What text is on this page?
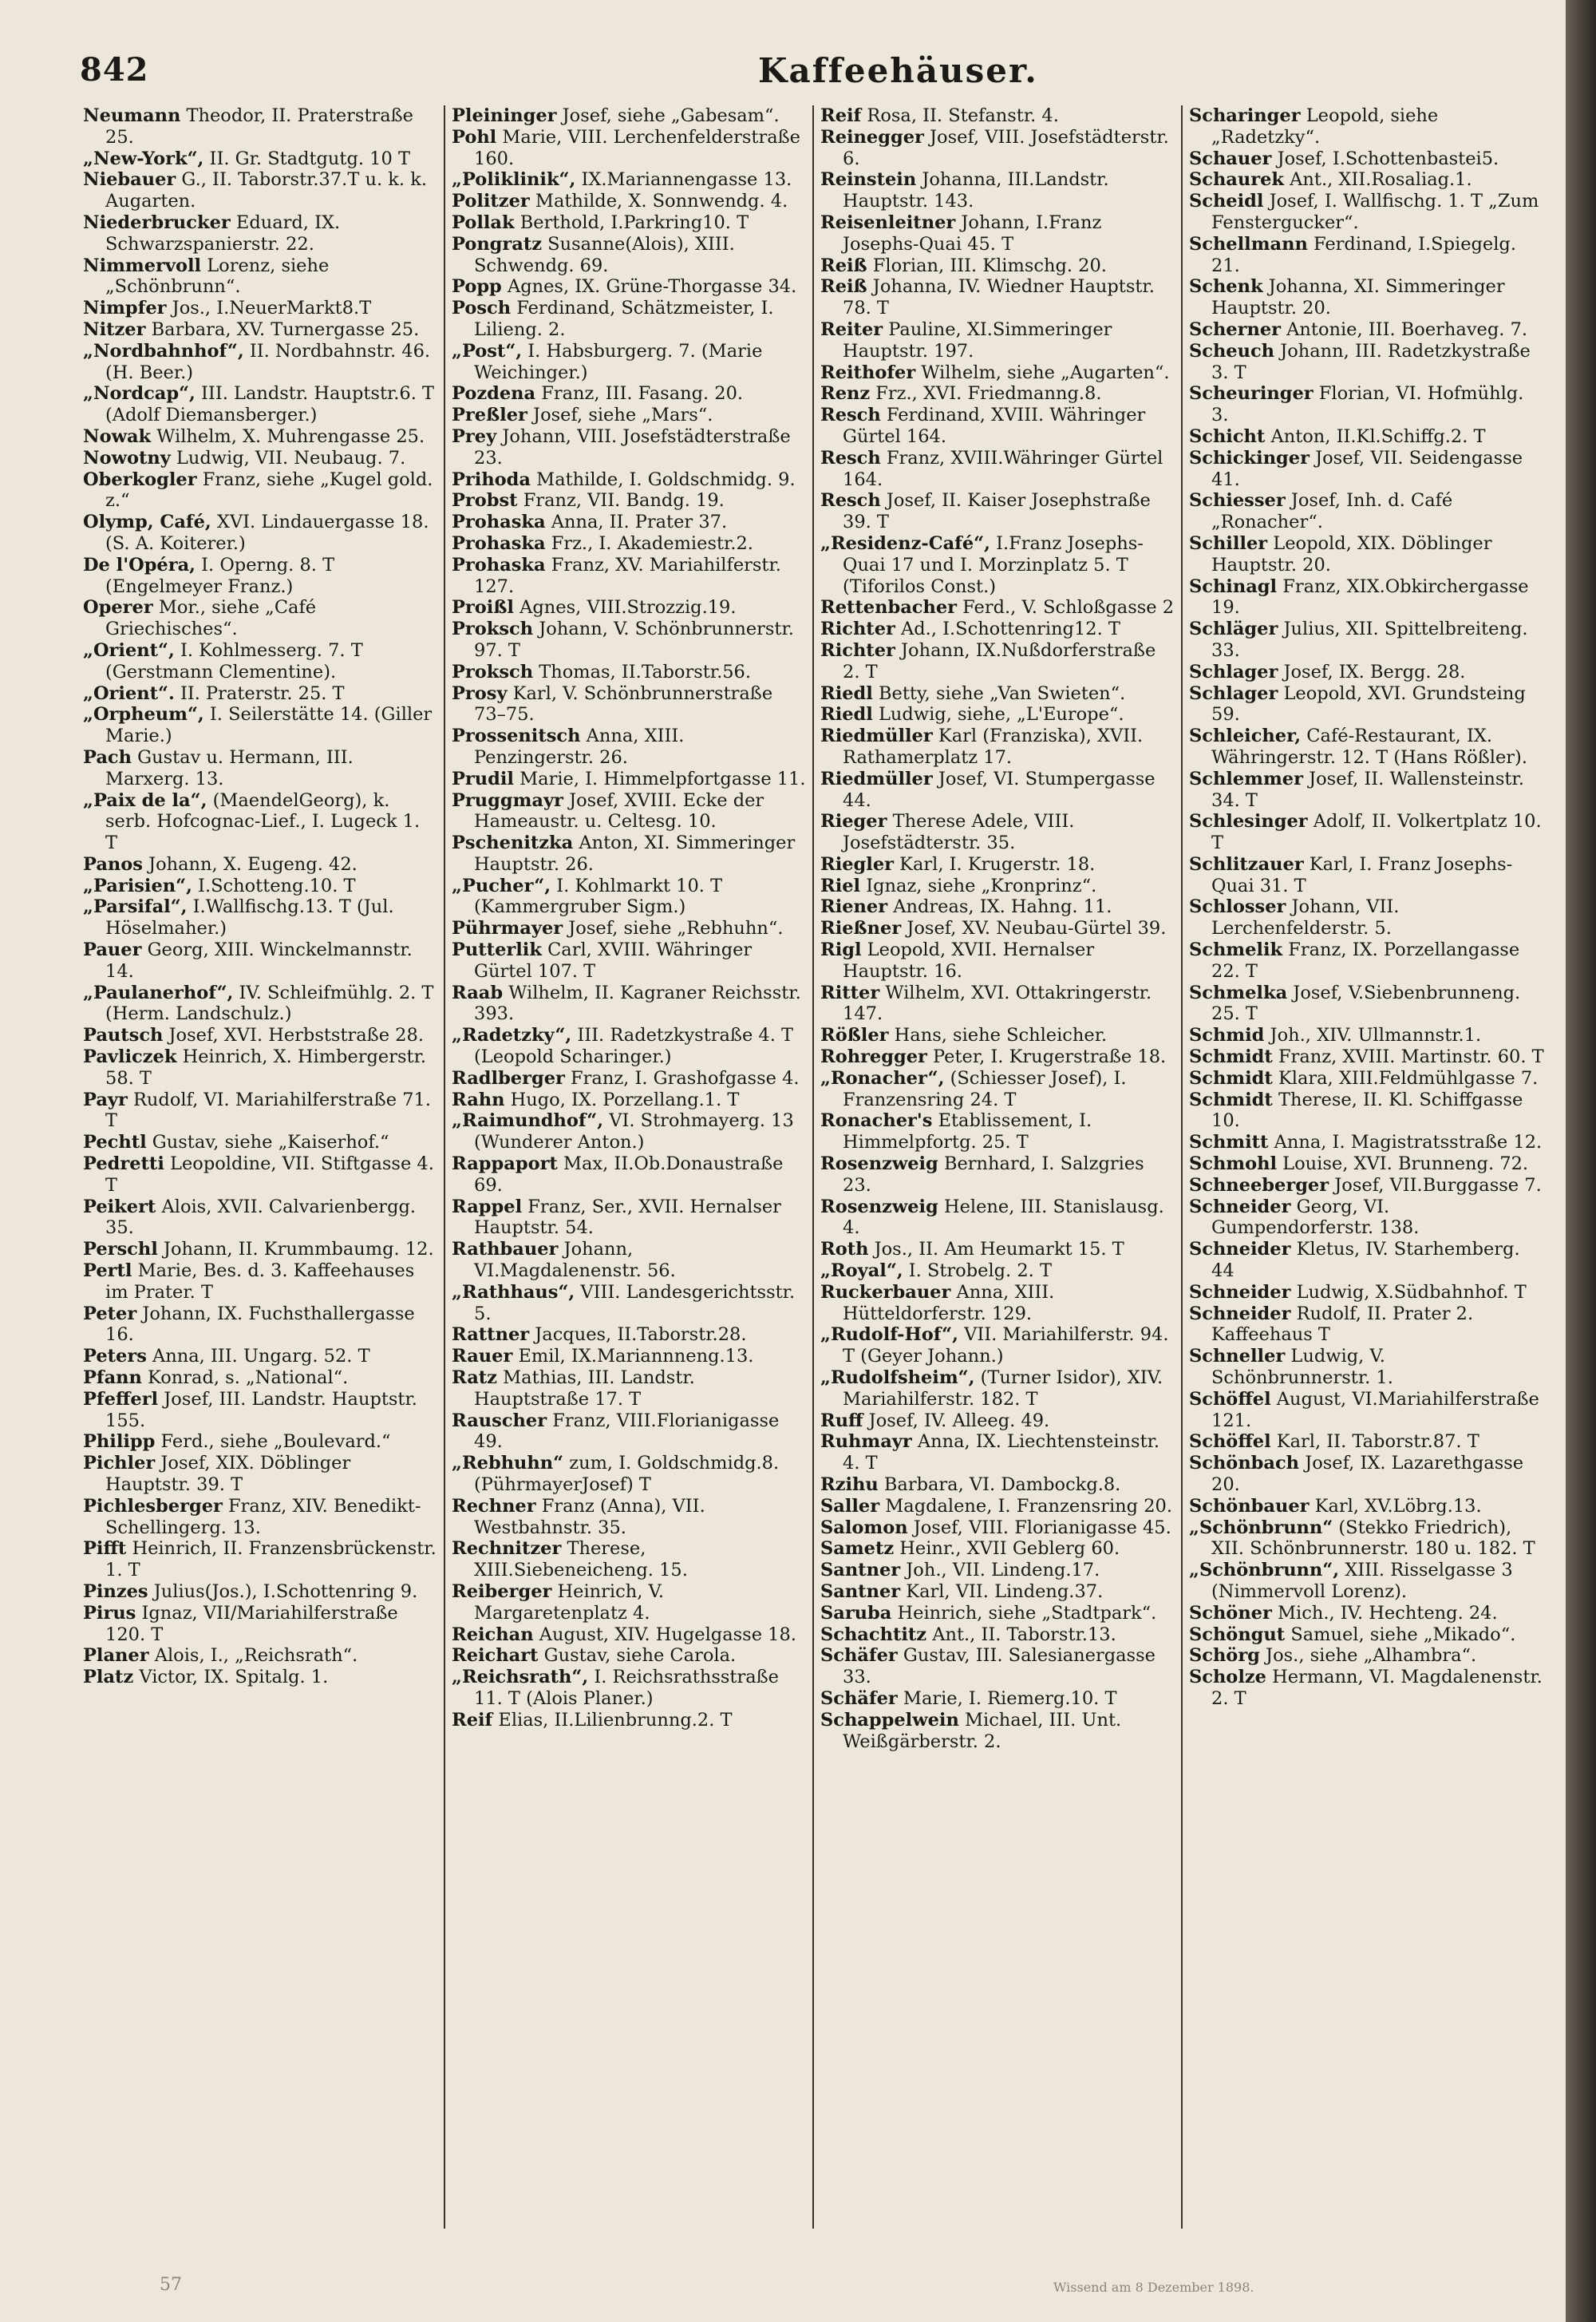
842	Kaffeehäuser.

Neumann Theodor, II. Praterstraße 25.

„New-York“, II. Gr. Stadtgutg. 10 T

Niebauer G., II. Taborstr.37.T u. k. k. Augarten.

Niederbrucker Eduard, IX. Schwarzspanierstr. 22.

Nimmervoll Lorenz, siehe „Schönbrunn“.

Nimpfer Jos., I.NeuerMarkt8.T

Nitzer Barbara, XV. Turnergasse 25.

„Nordbahnhof“, II. Nordbahnstr. 46. (H. Beer.)

„Nordcap“, III. Landstr. Hauptstr.6. T (Adolf Diemansberger.)

Nowak Wilhelm, X. Muhrengasse 25.

Nowotny Ludwig, VII. Neubaug. 7.

Oberkogler Franz, siehe „Kugel gold. z.“

Olymp, Café, XVI. Lindauergasse 18. (S. A. Koiterer.)

De l'Opéra, I. Operng. 8. T (Engelmeyer Franz.)

Operer Mor., siehe „Café Griechisches“.

„Orient“, I. Kohlmesserg. 7. T (Gerstmann Clementine).

„Orient“. II. Praterstr. 25. T

„Orpheum“, I. Seilerstätte 14. (Giller Marie.)

Pach Gustav u. Hermann, III. Marxerg. 13.

„Paix de la“, (MaendelGeorg), k. serb. Hofcognac-Lief., I. Lugeck 1. T

Panos Johann, X. Eugeng. 42.

„Parisien“, I.Schotteng.10. T

„Parsifal“, I.Wallfischg.13. T (Jul. Höselmaher.)

Pauer Georg, XIII. Winckelmannstr. 14.

„Paulanerhof“, IV. Schleifmühlg. 2. T (Herm. Landschulz.)

Pautsch Josef, XVI. Herbststraße 28.

Pavliczek Heinrich, X. Himbergerstr. 58. T

Payr Rudolf, VI. Mariahilferstraße 71. T

Pechtl Gustav, siehe „Kaiserhof.“

Pedretti Leopoldine, VII. Stiftgasse 4. T

Peikert Alois, XVII. Calvarienbergg. 35.

Perschl Johann, II. Krummbaumg. 12.

Pertl Marie, Bes. d. 3. Kaffeehauses im Prater. T

Peter Johann, IX. Fuchsthallergasse 16.

Peters Anna, III. Ungarg. 52. T

Pfann Konrad, s. „National“.

Pfefferl Josef, III. Landstr. Hauptstr. 155.

Philipp Ferd., siehe „Boulevard.“

Pichler Josef, XIX. Döblinger Hauptstr. 39. T

Pichlesberger Franz, XIV. Benedikt-Schellingerg. 13.

Pifft Heinrich, II. Franzensbrückenstr. 1. T

Pinzes Julius(Jos.), I.Schottenring 9.

Pirus Ignaz, VII/Mariahilferstraße 120. T

Planer Alois, I., „Reichsrath“.

Platz Victor, IX. Spitalg. 1.

Pleininger Josef, siehe „Gabesam“.

Pohl Marie, VIII. Lerchenfelderstraße 160.

„Poliklinik“, IX.Mariannengasse 13.

Politzer Mathilde, X. Sonnwendg. 4.

Pollak Berthold, I.Parkring10. T

Pongratz Susanne(Alois), XIII. Schwendg. 69.

Popp Agnes, IX. Grüne-Thorgasse 34.

Posch Ferdinand, Schätzmeister, I. Lilieng. 2.

„Post“, I. Habsburgerg. 7. (Marie Weichinger.)

Pozdena Franz, III. Fasang. 20.

Preßler Josef, siehe „Mars“.

Prey Johann, VIII. Josefstädterstraße 23.

Prihoda Mathilde, I. Goldschmidg. 9.

Probst Franz, VII. Bandg. 19.

Prohaska Anna, II. Prater 37.

Prohaska Frz., I. Akademiestr.2.

Prohaska Franz, XV. Mariahilferstr. 127.

Proißl Agnes, VIII.Strozzig.19.

Proksch Johann, V. Schönbrunnerstr. 97. T

Proksch Thomas, II.Taborstr.56.

Prosy Karl, V. Schönbrunnerstraße 73–75.

Prossenitsch Anna, XIII. Penzingerstr. 26.

Prudil Marie, I. Himmelpfortgasse 11.

Pruggmayr Josef, XVIII. Ecke der Hameaustr. u. Celtesg. 10.

Pschenitzka Anton, XI. Simmeringer Hauptstr. 26.

„Pucher“, I. Kohlmarkt 10. T (Kammergruber Sigm.)

Pührmayer Josef, siehe „Rebhuhn“.

Putterlik Carl, XVIII. Währinger Gürtel 107. T

Raab Wilhelm, II. Kagraner Reichsstr. 393.

„Radetzky“, III. Radetzkystraße 4. T (Leopold Scharinger.)

Radlberger Franz, I. Grashofgasse 4.

Rahn Hugo, IX. Porzellang.1. T

„Raimundhof“, VI. Strohmayerg. 13 (Wunderer Anton.)

Rappaport Max, II.Ob.Donaustraße 69.

Rappel Franz, Ser., XVII. Hernalser Hauptstr. 54.

Rathbauer Johann, VI.Magdalenenstr. 56.

„Rathhaus“, VIII. Landesgerichtsstr. 5.

Rattner Jacques, II.Taborstr.28.

Rauer Emil, IX.Mariannneng.13.

Ratz Mathias, III. Landstr. Hauptstraße 17. T

Rauscher Franz, VIII.Florianigasse 49.

„Rebhuhn“ zum, I. Goldschmidg.8.(PührmayerJosef) T

Rechner Franz (Anna), VII. Westbahnstr. 35.

Rechnitzer Therese, XIII.Siebeneicheng. 15.

Reiberger Heinrich, V. Margaretenplatz 4.

Reichan August, XIV. Hugelgasse 18.

Reichart Gustav, siehe Carola.

„Reichsrath“, I. Reichsrathsstraße 11. T (Alois Planer.)

Reif Elias, II.Lilienbrunng.2. T

Reif Rosa, II. Stefanstr. 4.

Reinegger Josef, VIII. Josefstädterstr. 6.

Reinstein Johanna, III.Landstr. Hauptstr. 143.

Reisenleitner Johann, I.Franz Josephs-Quai 45. T

Reiß Florian, III. Klimschg. 20.

Reiß Johanna, IV. Wiedner Hauptstr. 78. T

Reiter Pauline, XI.Simmeringer Hauptstr. 197.

Reithofer Wilhelm, siehe „Augarten“.

Renz Frz., XVI. Friedmanng.8.

Resch Ferdinand, XVIII. Währinger Gürtel 164.

Resch Franz, XVIII.Währinger Gürtel 164.

Resch Josef, II. Kaiser Josephstraße 39. T

„Residenz-Café“, I.Franz Josephs-Quai 17 und I. Morzinplatz 5. T (Tiforilos Const.)

Rettenbacher Ferd., V. Schloßgasse 2

Richter Ad., I.Schottenring12. T

Richter Johann, IX.Nußdorferstraße 2. T

Riedl Betty, siehe „Van Swieten“.

Riedl Ludwig, siehe, „L'Europe“.

Riedmüller Karl (Franziska), XVII. Rathamerplatz 17.

Riedmüller Josef, VI. Stumpergasse 44.

Rieger Therese Adele, VIII. Josefstädterstr. 35.

Riegler Karl, I. Krugerstr. 18.

Riel Ignaz, siehe „Kronprinz“.

Riener Andreas, IX. Hahng. 11.

Rießner Josef, XV. Neubau-Gürtel 39.

Rigl Leopold, XVII. Hernalser Hauptstr. 16.

Ritter Wilhelm, XVI. Ottakringerstr. 147.

Rößler Hans, siehe Schleicher.

Rohregger Peter, I. Krugerstraße 18.

„Ronacher“, (Schiesser Josef), I. Franzensring 24. T

Ronacher's Etablissement, I. Himmelpfortg. 25. T

Rosenzweig Bernhard, I. Salzgries 23.

Rosenzweig Helene, III. Stanislausg. 4.

Roth Jos., II. Am Heumarkt 15. T

„Royal“, I. Strobelg. 2. T

Ruckerbauer Anna, XIII. Hütteldorferstr. 129.

„Rudolf-Hof“, VII. Mariahilferstr. 94. T (Geyer Johann.)

„Rudolfsheim“, (Turner Isidor), XIV. Mariahilferstr. 182. T

Ruff Josef, IV. Alleeg. 49.

Ruhmayr Anna, IX. Liechtensteinstr. 4. T

Rzihu Barbara, VI. Dambockg.8.

Saller Magdalene, I. Franzensring 20.

Salomon Josef, VIII. Florianigasse 45.

Sametz Heinr., XVII Geblerg 60.

Santner Joh., VII. Lindeng.17.

Santner Karl, VII. Lindeng.37.

Saruba Heinrich, siehe „Stadtpark“.

Schachtitz Ant., II. Taborstr.13.

Schäfer Gustav, III. Salesianergasse 33.

Schäfer Marie, I. Riemerg.10. T

Schappelwein Michael, III. Unt. Weißgärberstr. 2.

Scharinger Leopold, siehe „Radetzky“.

Schauer Josef, I.Schottenbastei5.

Schaurek Ant., XII.Rosaliag.1.

Scheidl Josef, I. Wallfischg. 1. T „Zum Fenstergucker“.

Schellmann Ferdinand, I.Spiegelg. 21.

Schenk Johanna, XI. Simmeringer Hauptstr. 20.

Scherner Antonie, III. Boerhaveg. 7.

Scheuch Johann, III. Radetzkystraße 3. T

Scheuringer Florian, VI. Hofmühlg. 3.

Schicht Anton, II.Kl.Schiffg.2. T

Schickinger Josef, VII. Seidengasse 41.

Schiesser Josef, Inh. d. Café „Ronacher“.

Schiller Leopold, XIX. Döblinger Hauptstr. 20.

Schinagl Franz, XIX.Obkirchergasse 19.

Schläger Julius, XII. Spittelbreiteng. 33.

Schlager Josef, IX. Bergg. 28.

Schlager Leopold, XVI. Grundsteing 59.

Schleicher, Café-Restaurant, IX. Währingerstr. 12. T (Hans Rößler).

Schlemmer Josef, II. Wallensteinstr. 34. T

Schlesinger Adolf, II. Volkertplatz 10. T

Schlitzauer Karl, I. Franz Josephs-Quai 31. T

Schlosser Johann, VII. Lerchenfelderstr. 5.

Schmelik Franz, IX. Porzellangasse 22. T

Schmelka Josef, V.Siebenbrunneng. 25. T

Schmid Joh., XIV. Ullmannstr.1.

Schmidt Franz, XVIII. Martinstr. 60. T

Schmidt Klara, XIII.Feldmühlgasse 7.

Schmidt Therese, II. Kl. Schiffgasse 10.

Schmitt Anna, I. Magistratsstraße 12.

Schmohl Louise, XVI. Brunneng. 72.

Schneeberger Josef, VII.Burggasse 7.

Schneider Georg, VI. Gumpendorferstr. 138.

Schneider Kletus, IV. Starhemberg. 44

Schneider Ludwig, X.Südbahnhof. T

Schneider Rudolf, II. Prater 2. Kaffeehaus T

Schneller Ludwig, V. Schönbrunnerstr. 1.

Schöffel August, VI.Mariahilferstraße 121.

Schöffel Karl, II. Taborstr.87. T

Schönbach Josef, IX. Lazarethgasse 20.

Schönbauer Karl, XV.Löbrg.13.

„Schönbrunn“ (Stekko Friedrich), XII. Schönbrunnerstr. 180 u. 182. T

„Schönbrunn“, XIII. Risselgasse 3 (Nimmervoll Lorenz).

Schöner Mich., IV. Hechteng. 24.

Schöngut Samuel, siehe „Mikado“.

Schörg Jos., siehe „Alhambra“.

Scholze Hermann, VI. Magdalenenstr. 2. T

57	Wissend am 8 Dezember 1898.
